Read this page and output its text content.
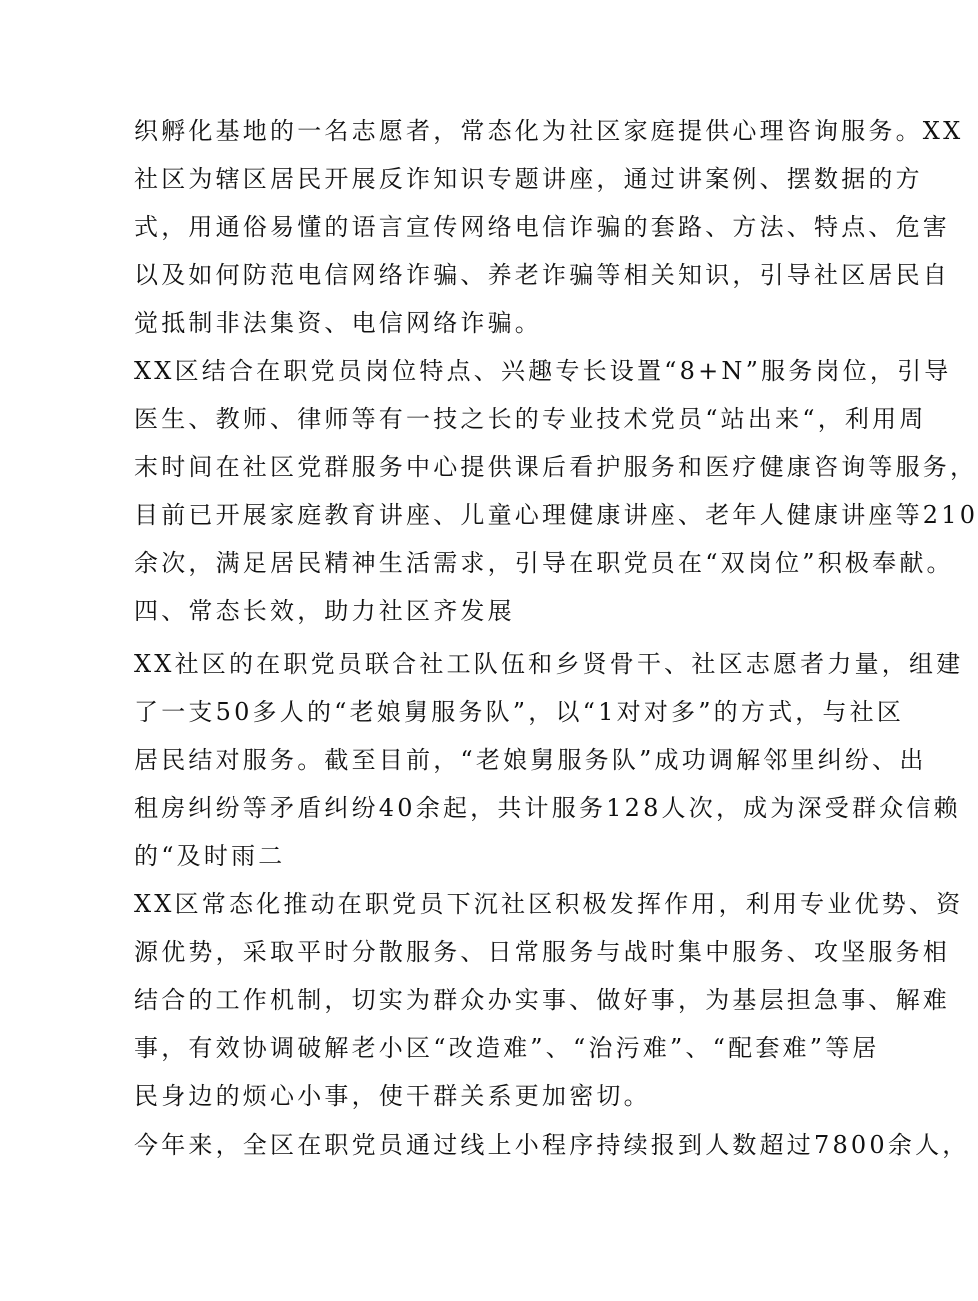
织孵化基地的一名志愿者，常态化为社区家庭提供心理咨询服务。XX
社区为辖区居民开展反诈知识专题讲座，通过讲案例、摆数据的方
式，用通俗易懂的语言宣传网络电信诈骗的套路、方法、特点、危害
以及如何防范电信网络诈骗、养老诈骗等相关知识，引导社区居民自
觉抵制非法集资、电信网络诈骗。
XX区结合在职党员岗位特点、兴趣专长设置“8+N”服务岗位，引导
医生、教师、律师等有一技之长的专业技术党员“站出来“，利用周
末时间在社区党群服务中心提供课后看护服务和医疗健康咨询等服务，
目前已开展家庭教育讲座、儿童心理健康讲座、老年人健康讲座等210
余次，满足居民精神生活需求，引导在职党员在“双岗位”积极奉献。
四、常态长效，助力社区齐发展
XX社区的在职党员联合社工队伍和乡贤骨干、社区志愿者力量，组建
了一支50多人的“老娘舅服务队”，以“1对对多”的方式，与社区
居民结对服务。截至目前，“老娘舅服务队”成功调解邻里纠纷、出
租房纠纷等矛盾纠纷40余起，共计服务128人次，成为深受群众信赖
的“及时雨二
XX区常态化推动在职党员下沉社区积极发挥作用，利用专业优势、资
源优势，采取平时分散服务、日常服务与战时集中服务、攻坚服务相
结合的工作机制，切实为群众办实事、做好事，为基层担急事、解难
事，有效协调破解老小区“改造难”、“治污难”、“配套难”等居
民身边的烦心小事，使干群关系更加密切。
今年来，全区在职党员通过线上小程序持续报到人数超过7800余人，
